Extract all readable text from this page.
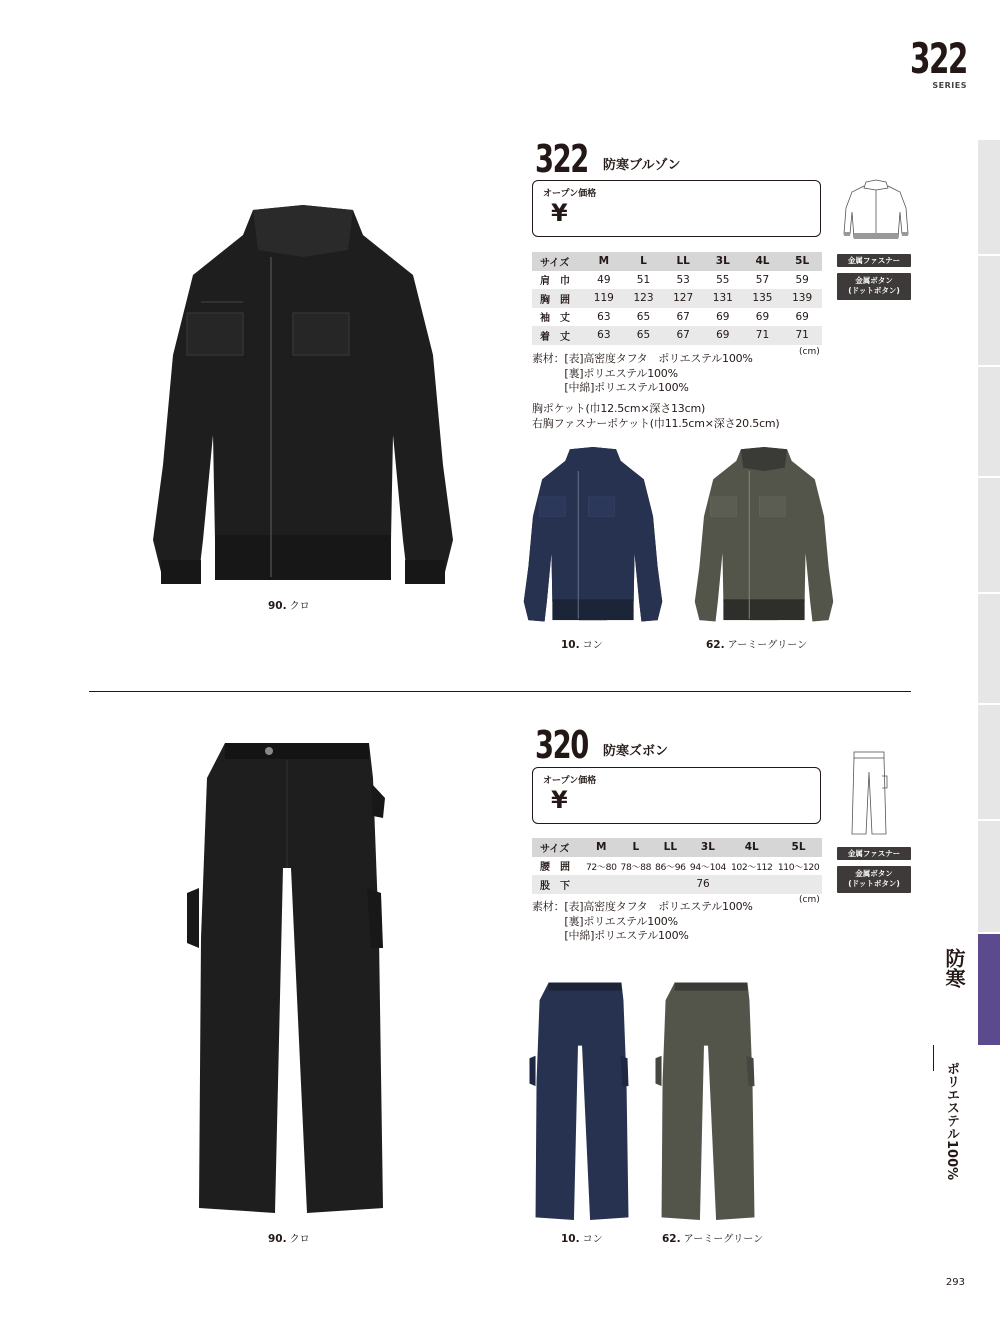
322
SERIES
防寒
ポリエステル100%
322 防寒ブルゾン
オープン価格
¥
サイズ	M	L	LL	3L	4L	5L
肩　巾	49	51	53	55	57	59
胸　囲	119	123	127	131	135	139
袖　丈	63	65	67	69	69	69
着　丈	63	65	67	69	71	71
(cm)
素材：[表]高密度タフタ　ポリエステル100%
　　　[裏]ポリエステル100%
　　　[中綿]ポリエステル100%
胸ポケット(巾12.5cm×深さ13cm)
右胸ファスナーポケット(巾11.5cm×深さ20.5cm)
金属ファスナー
金属ボタン
(ドットボタン)
90. クロ
10. コン	62. アーミーグリーン
320 防寒ズボン
オープン価格
¥
サイズ	M	L	LL	3L	4L	5L
腰　囲	72〜80	78〜88	86〜96	94〜104	102〜112	110〜120
股　下	76					
(cm)
素材：[表]高密度タフタ　ポリエステル100%
　　　[裏]ポリエステル100%
　　　[中綿]ポリエステル100%
金属ファスナー
金属ボタン
(ドットボタン)
90. クロ	10. コン	62. アーミーグリーン
293
